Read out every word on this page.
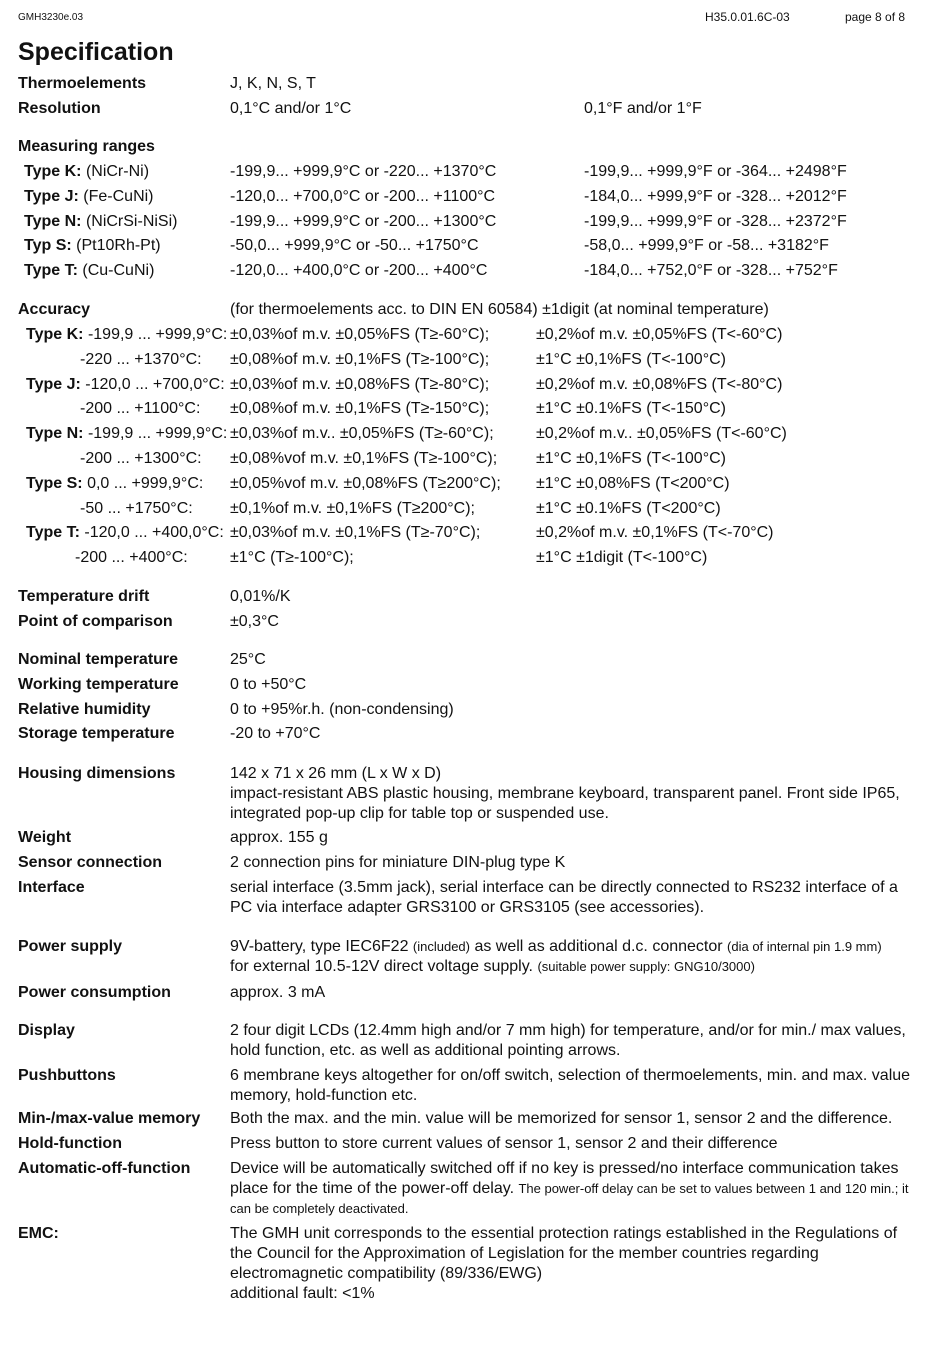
GMH3230e.03	H35.0.01.6C-03	page 8 of 8
Specification
Thermoelements	J, K, N, S, T
Resolution	0,1°C and/or 1°C	0,1°F and/or 1°F
Measuring ranges
Type K: (NiCr-Ni)	-199,9... +999,9°C or -220... +1370°C	-199,9... +999,9°F or -364... +2498°F
Type J: (Fe-CuNi)	-120,0... +700,0°C or -200... +1100°C	-184,0... +999,9°F or -328... +2012°F
Type N: (NiCrSi-NiSi)	-199,9... +999,9°C or -200... +1300°C	-199,9... +999,9°F or -328... +2372°F
Typ S: (Pt10Rh-Pt)	-50,0... +999,9°C or -50... +1750°C	-58,0... +999,9°F or -58... +3182°F
Type T: (Cu-CuNi)	-120,0... +400,0°C or -200... +400°C	-184,0... +752,0°F or -328... +752°F
Accuracy	(for thermoelements acc. to DIN EN 60584) ±1digit (at nominal temperature)
Type K: -199,9 ... +999,9°C: ±0,03%of m.v. ±0,05%FS (T≥-60°C);	±0,2%of m.v. ±0,05%FS (T<-60°C)
-220 ... +1370°C: ±0,08%of m.v. ±0,1%FS (T≥-100°C);	±1°C ±0,1%FS (T<-100°C)
Type J: -120,0 ... +700,0°C: ±0,03%of m.v. ±0,08%FS (T≥-80°C);	±0,2%of m.v. ±0,08%FS (T<-80°C)
-200 ... +1100°C: ±0,08%of m.v. ±0,1%FS (T≥-150°C);	±1°C ±0.1%FS (T<-150°C)
Type N: -199,9 ... +999,9°C: ±0,03%of m.v.. ±0,05%FS (T≥-60°C);	±0,2%of m.v.. ±0,05%FS (T<-60°C)
-200 ... +1300°C: ±0,08%vof m.v. ±0,1%FS (T≥-100°C); ±1°C ±0,1%FS (T<-100°C)
Type S: 0,0 ... +999,9°C: ±0,05%vof m.v. ±0,08%FS (T≥200°C); ±1°C ±0,08%FS (T<200°C)
-50 ... +1750°C: ±0,1%of m.v. ±0,1%FS (T≥200°C);	±1°C ±0.1%FS (T<200°C)
Type T: -120,0 ... +400,0°C: ±0,03%of m.v. ±0,1%FS (T≥-70°C);	±0,2%of m.v. ±0,1%FS (T<-70°C)
-200 ... +400°C:	±1°C (T≥-100°C);	±1°C ±1digit (T<-100°C)
Temperature drift	0,01%/K
Point of comparison	±0,3°C
Nominal temperature	25°C
Working temperature	0 to +50°C
Relative humidity	0 to +95%r.h. (non-condensing)
Storage temperature	-20 to +70°C
Housing dimensions	142 x 71 x 26 mm (L x W x D)
impact-resistant ABS plastic housing, membrane keyboard, transparent panel. Front side IP65, integrated pop-up clip for table top or suspended use.
Weight	approx. 155 g
Sensor connection	2 connection pins for miniature DIN-plug type K
Interface	serial interface (3.5mm jack), serial interface can be directly connected to RS232 interface of a PC via interface adapter GRS3100 or GRS3105 (see accessories).
Power supply	9V-battery, type IEC6F22 (included) as well as additional d.c. connector (dia of internal pin 1.9 mm)
for external 10.5-12V direct voltage supply. (suitable power supply: GNG10/3000)
Power consumption	approx. 3 mA
Display	2 four digit LCDs (12.4mm high and/or 7 mm high) for temperature, and/or for min./ max values, hold function, etc. as well as additional pointing arrows.
Pushbuttons	6 membrane keys altogether for on/off switch, selection of thermoelements, min. and max. value memory, hold-function etc.
Min-/max-value memory Both the max. and the min. value will be memorized for sensor 1, sensor 2 and the difference.
Hold-function	Press button to store current values of sensor 1, sensor 2 and their difference
Automatic-off-function Device will be automatically switched off if no key is pressed/no interface communication takes place for the time of the power-off delay. The power-off delay can be set to values between 1 and 120 min.; it can be completely deactivated.
EMC:	The GMH unit corresponds to the essential protection ratings established in the Regulations of the Council for the Approximation of Legislation for the member countries regarding electromagnetic compatibility (89/336/EWG)
additional fault: <1%
